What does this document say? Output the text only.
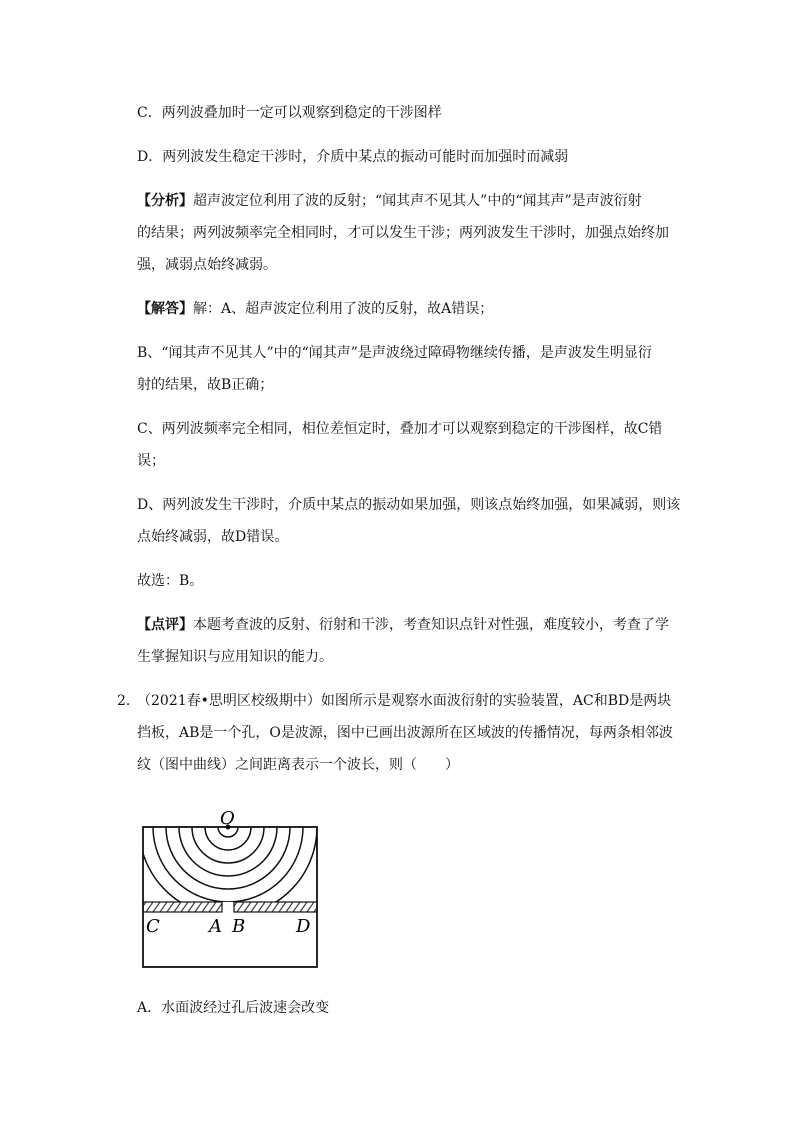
C．两列波叠加时一定可以观察到稳定的干涉图样
D．两列波发生稳定干涉时，介质中某点的振动可能时而加强时而减弱
【分析】超声波定位利用了波的反射；“闻其声不见其人”中的“闻其声”是声波衍射
的结果；两列波频率完全相同时，才可以发生干涉；两列波发生干涉时，加强点始终加
强，减弱点始终减弱。
【解答】解：A、超声波定位利用了波的反射，故A错误；
B、“闻其声不见其人”中的“闻其声”是声波绕过障碍物继续传播，是声波发生明显衍
射的结果，故B正确；
C、两列波频率完全相同，相位差恒定时，叠加才可以观察到稳定的干涉图样，故C错
误；
D、两列波发生干涉时，介质中某点的振动如果加强，则该点始终加强，如果减弱，则该
点始终减弱，故D错误。
故选：B。
【点评】本题考查波的反射、衍射和干涉，考查知识点针对性强，难度较小，考查了学
生掌握知识与应用知识的能力。
2．
（2021春•思明区校级期中）如图所示是观察水面波衍射的实验装置，AC和BD是两块
挡板，AB是一个孔，O是波源，图中已画出波源所在区域波的传播情况，每两条相邻波
纹（图中曲线）之间距离表示一个波长，则（　　）
O
C	A B	D
A．水面波经过孔后波速会改变
